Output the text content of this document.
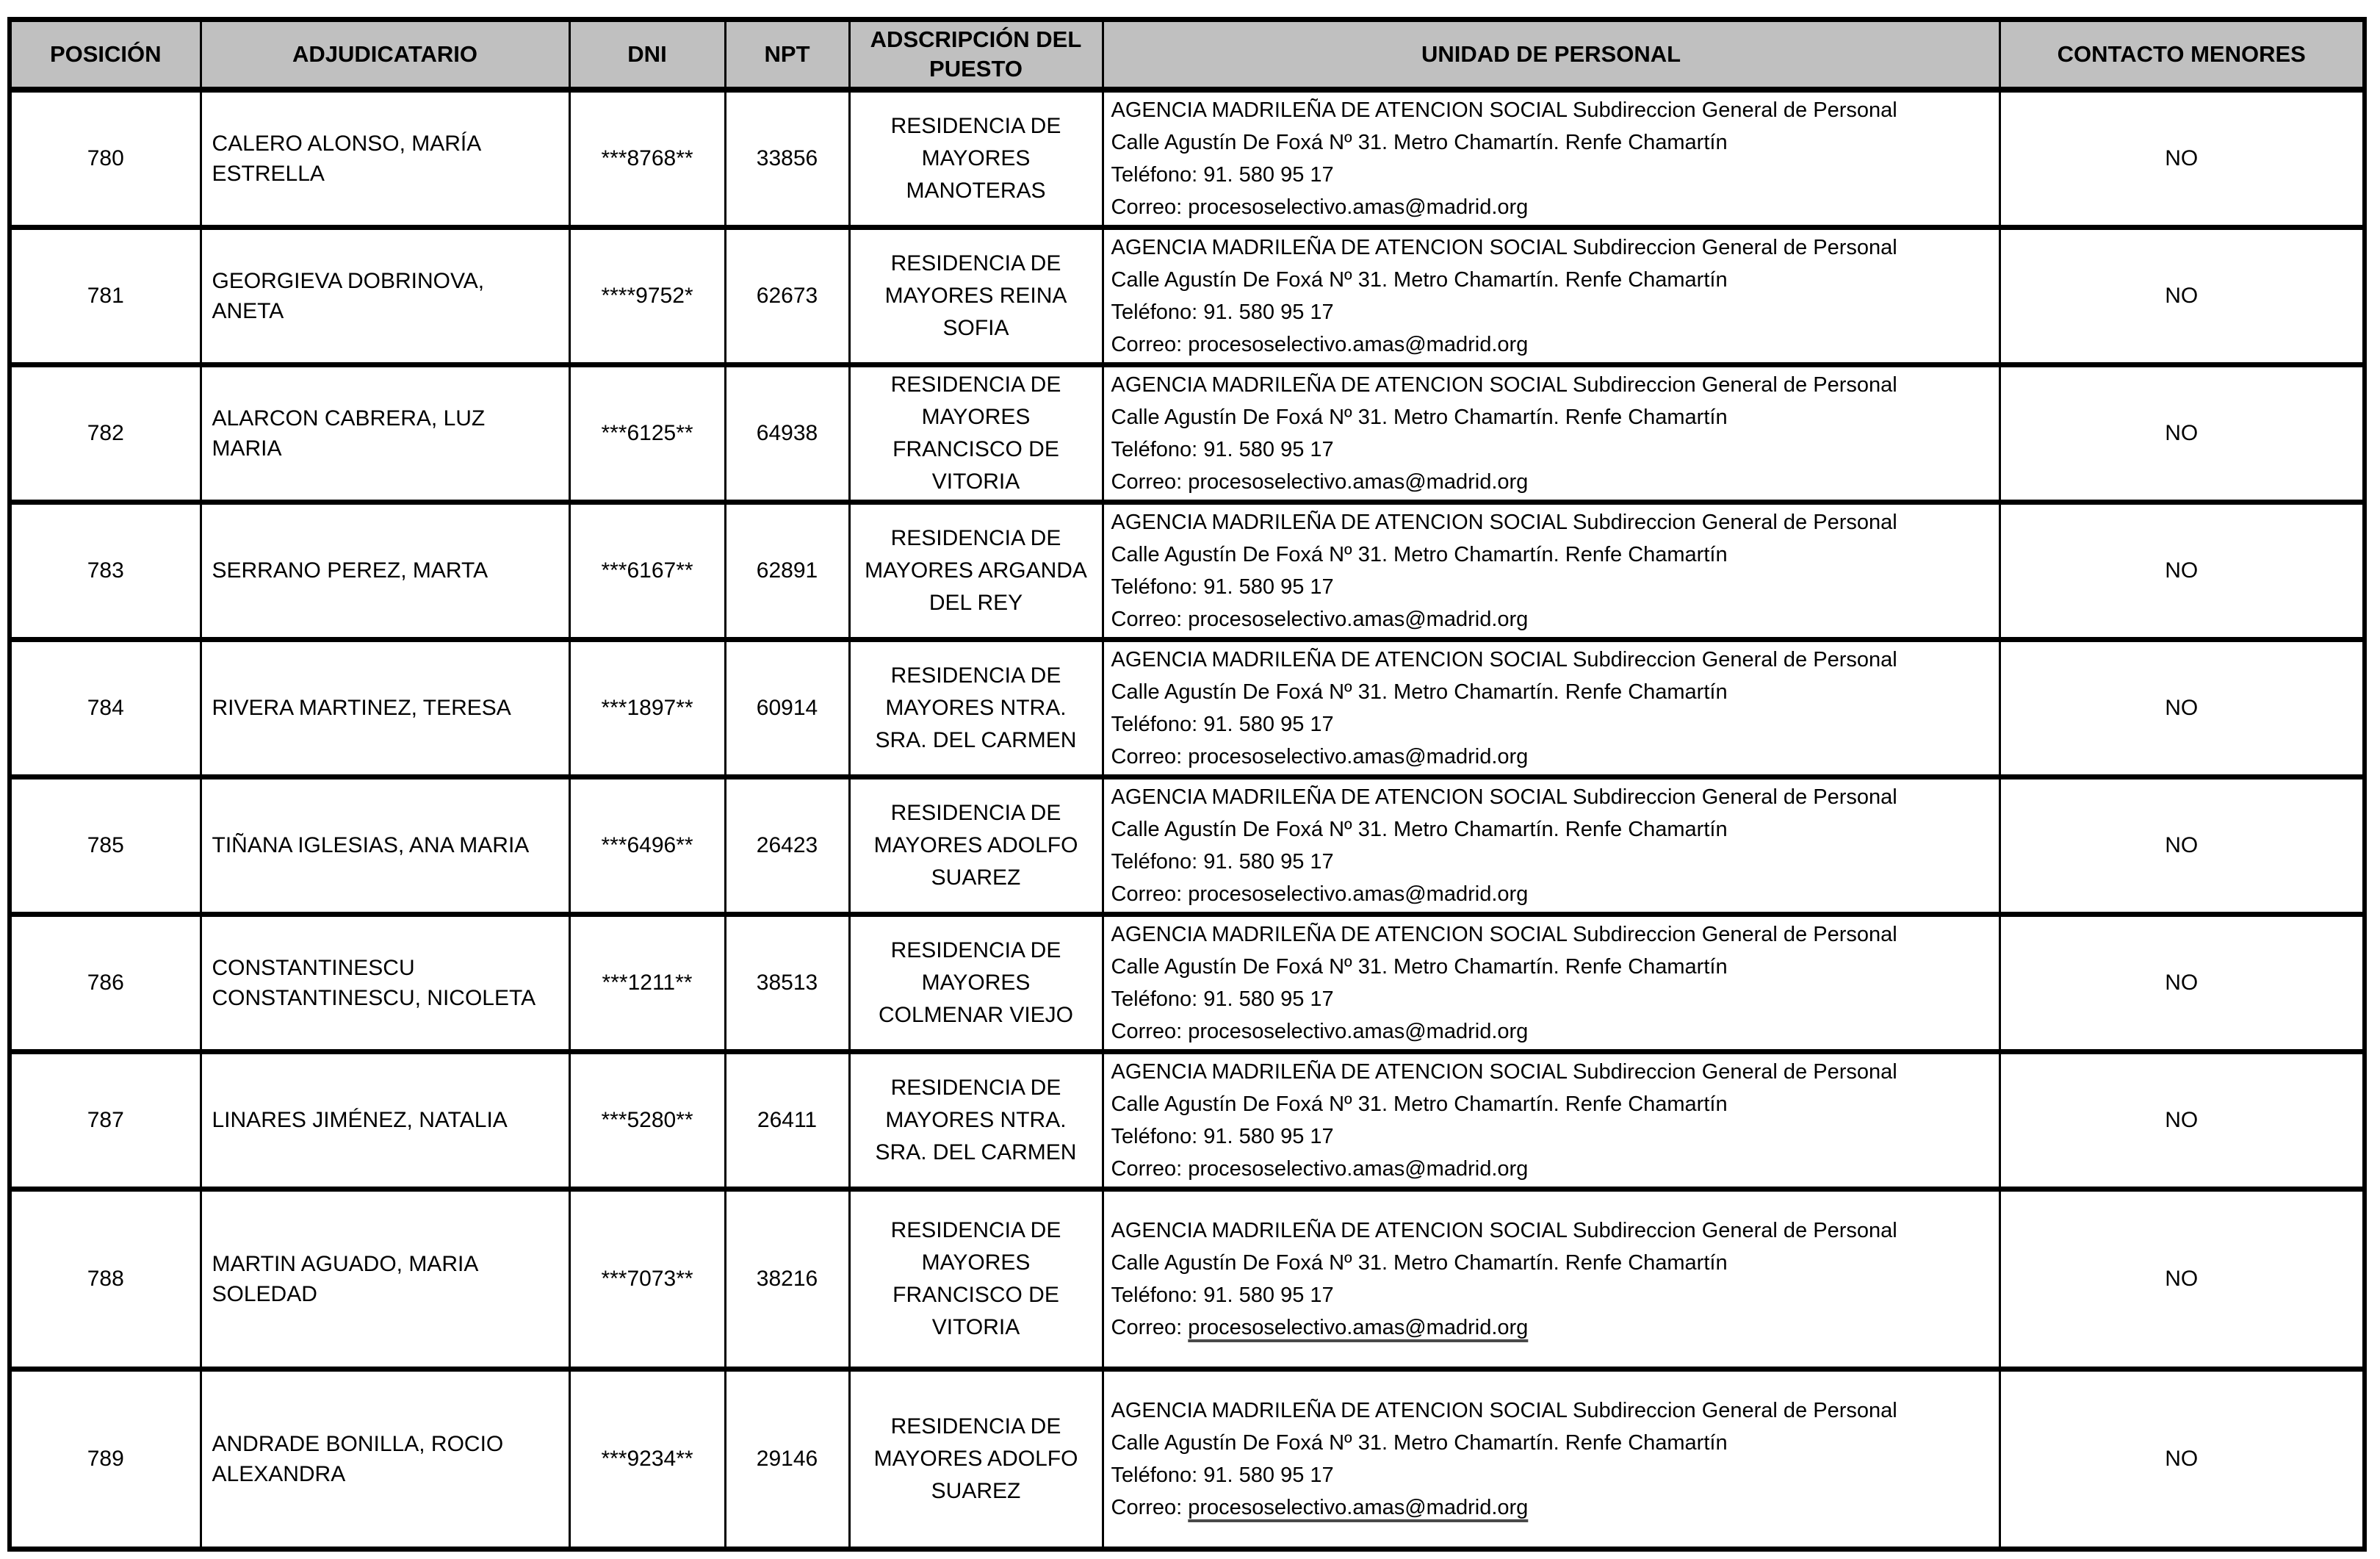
POSICIÓN	ADJUDICATARIO	DNI	NPT	ADSCRIPCIÓN DEL PUESTO	UNIDAD DE PERSONAL	CONTACTO MENORES
780	CALERO ALONSO, MARÍA ESTRELLA	***8768**	33856	RESIDENCIA DE MAYORES MANOTERAS	AGENCIA MADRILEÑA DE ATENCION SOCIAL Subdireccion General de Personal
Calle Agustín De Foxá Nº 31. Metro Chamartín. Renfe Chamartín
Teléfono: 91. 580 95 17
Correo: procesoselectivo.amas@madrid.org	NO
781	GEORGIEVA DOBRINOVA, ANETA	****9752*	62673	RESIDENCIA DE MAYORES REINA SOFIA	AGENCIA MADRILEÑA DE ATENCION SOCIAL Subdireccion General de Personal
Calle Agustín De Foxá Nº 31. Metro Chamartín. Renfe Chamartín
Teléfono: 91. 580 95 17
Correo: procesoselectivo.amas@madrid.org	NO
782	ALARCON CABRERA, LUZ MARIA	***6125**	64938	RESIDENCIA DE MAYORES FRANCISCO DE VITORIA	AGENCIA MADRILEÑA DE ATENCION SOCIAL Subdireccion General de Personal
Calle Agustín De Foxá Nº 31. Metro Chamartín. Renfe Chamartín
Teléfono: 91. 580 95 17
Correo: procesoselectivo.amas@madrid.org	NO
783	SERRANO PEREZ, MARTA	***6167**	62891	RESIDENCIA DE MAYORES ARGANDA DEL REY	AGENCIA MADRILEÑA DE ATENCION SOCIAL Subdireccion General de Personal
Calle Agustín De Foxá Nº 31. Metro Chamartín. Renfe Chamartín
Teléfono: 91. 580 95 17
Correo: procesoselectivo.amas@madrid.org	NO
784	RIVERA MARTINEZ, TERESA	***1897**	60914	RESIDENCIA DE MAYORES NTRA. SRA. DEL CARMEN	AGENCIA MADRILEÑA DE ATENCION SOCIAL Subdireccion General de Personal
Calle Agustín De Foxá Nº 31. Metro Chamartín. Renfe Chamartín
Teléfono: 91. 580 95 17
Correo: procesoselectivo.amas@madrid.org	NO
785	TIÑANA IGLESIAS, ANA MARIA	***6496**	26423	RESIDENCIA DE MAYORES ADOLFO SUAREZ	AGENCIA MADRILEÑA DE ATENCION SOCIAL Subdireccion General de Personal
Calle Agustín De Foxá Nº 31. Metro Chamartín. Renfe Chamartín
Teléfono: 91. 580 95 17
Correo: procesoselectivo.amas@madrid.org	NO
786	CONSTANTINESCU CONSTANTINESCU, NICOLETA	***1211**	38513	RESIDENCIA DE MAYORES COLMENAR VIEJO	AGENCIA MADRILEÑA DE ATENCION SOCIAL Subdireccion General de Personal
Calle Agustín De Foxá Nº 31. Metro Chamartín. Renfe Chamartín
Teléfono: 91. 580 95 17
Correo: procesoselectivo.amas@madrid.org	NO
787	LINARES JIMÉNEZ, NATALIA	***5280**	26411	RESIDENCIA DE MAYORES NTRA. SRA. DEL CARMEN	AGENCIA MADRILEÑA DE ATENCION SOCIAL Subdireccion General de Personal
Calle Agustín De Foxá Nº 31. Metro Chamartín. Renfe Chamartín
Teléfono: 91. 580 95 17
Correo: procesoselectivo.amas@madrid.org	NO
788	MARTIN AGUADO, MARIA SOLEDAD	***7073**	38216	RESIDENCIA DE MAYORES FRANCISCO DE VITORIA	AGENCIA MADRILEÑA DE ATENCION SOCIAL Subdireccion General de Personal
Calle Agustín De Foxá Nº 31. Metro Chamartín. Renfe Chamartín
Teléfono: 91. 580 95 17
Correo: procesoselectivo.amas@madrid.org	NO
789	ANDRADE BONILLA, ROCIO ALEXANDRA	***9234**	29146	RESIDENCIA DE MAYORES ADOLFO SUAREZ	AGENCIA MADRILEÑA DE ATENCION SOCIAL Subdireccion General de Personal
Calle Agustín De Foxá Nº 31. Metro Chamartín. Renfe Chamartín
Teléfono: 91. 580 95 17
Correo: procesoselectivo.amas@madrid.org	NO
